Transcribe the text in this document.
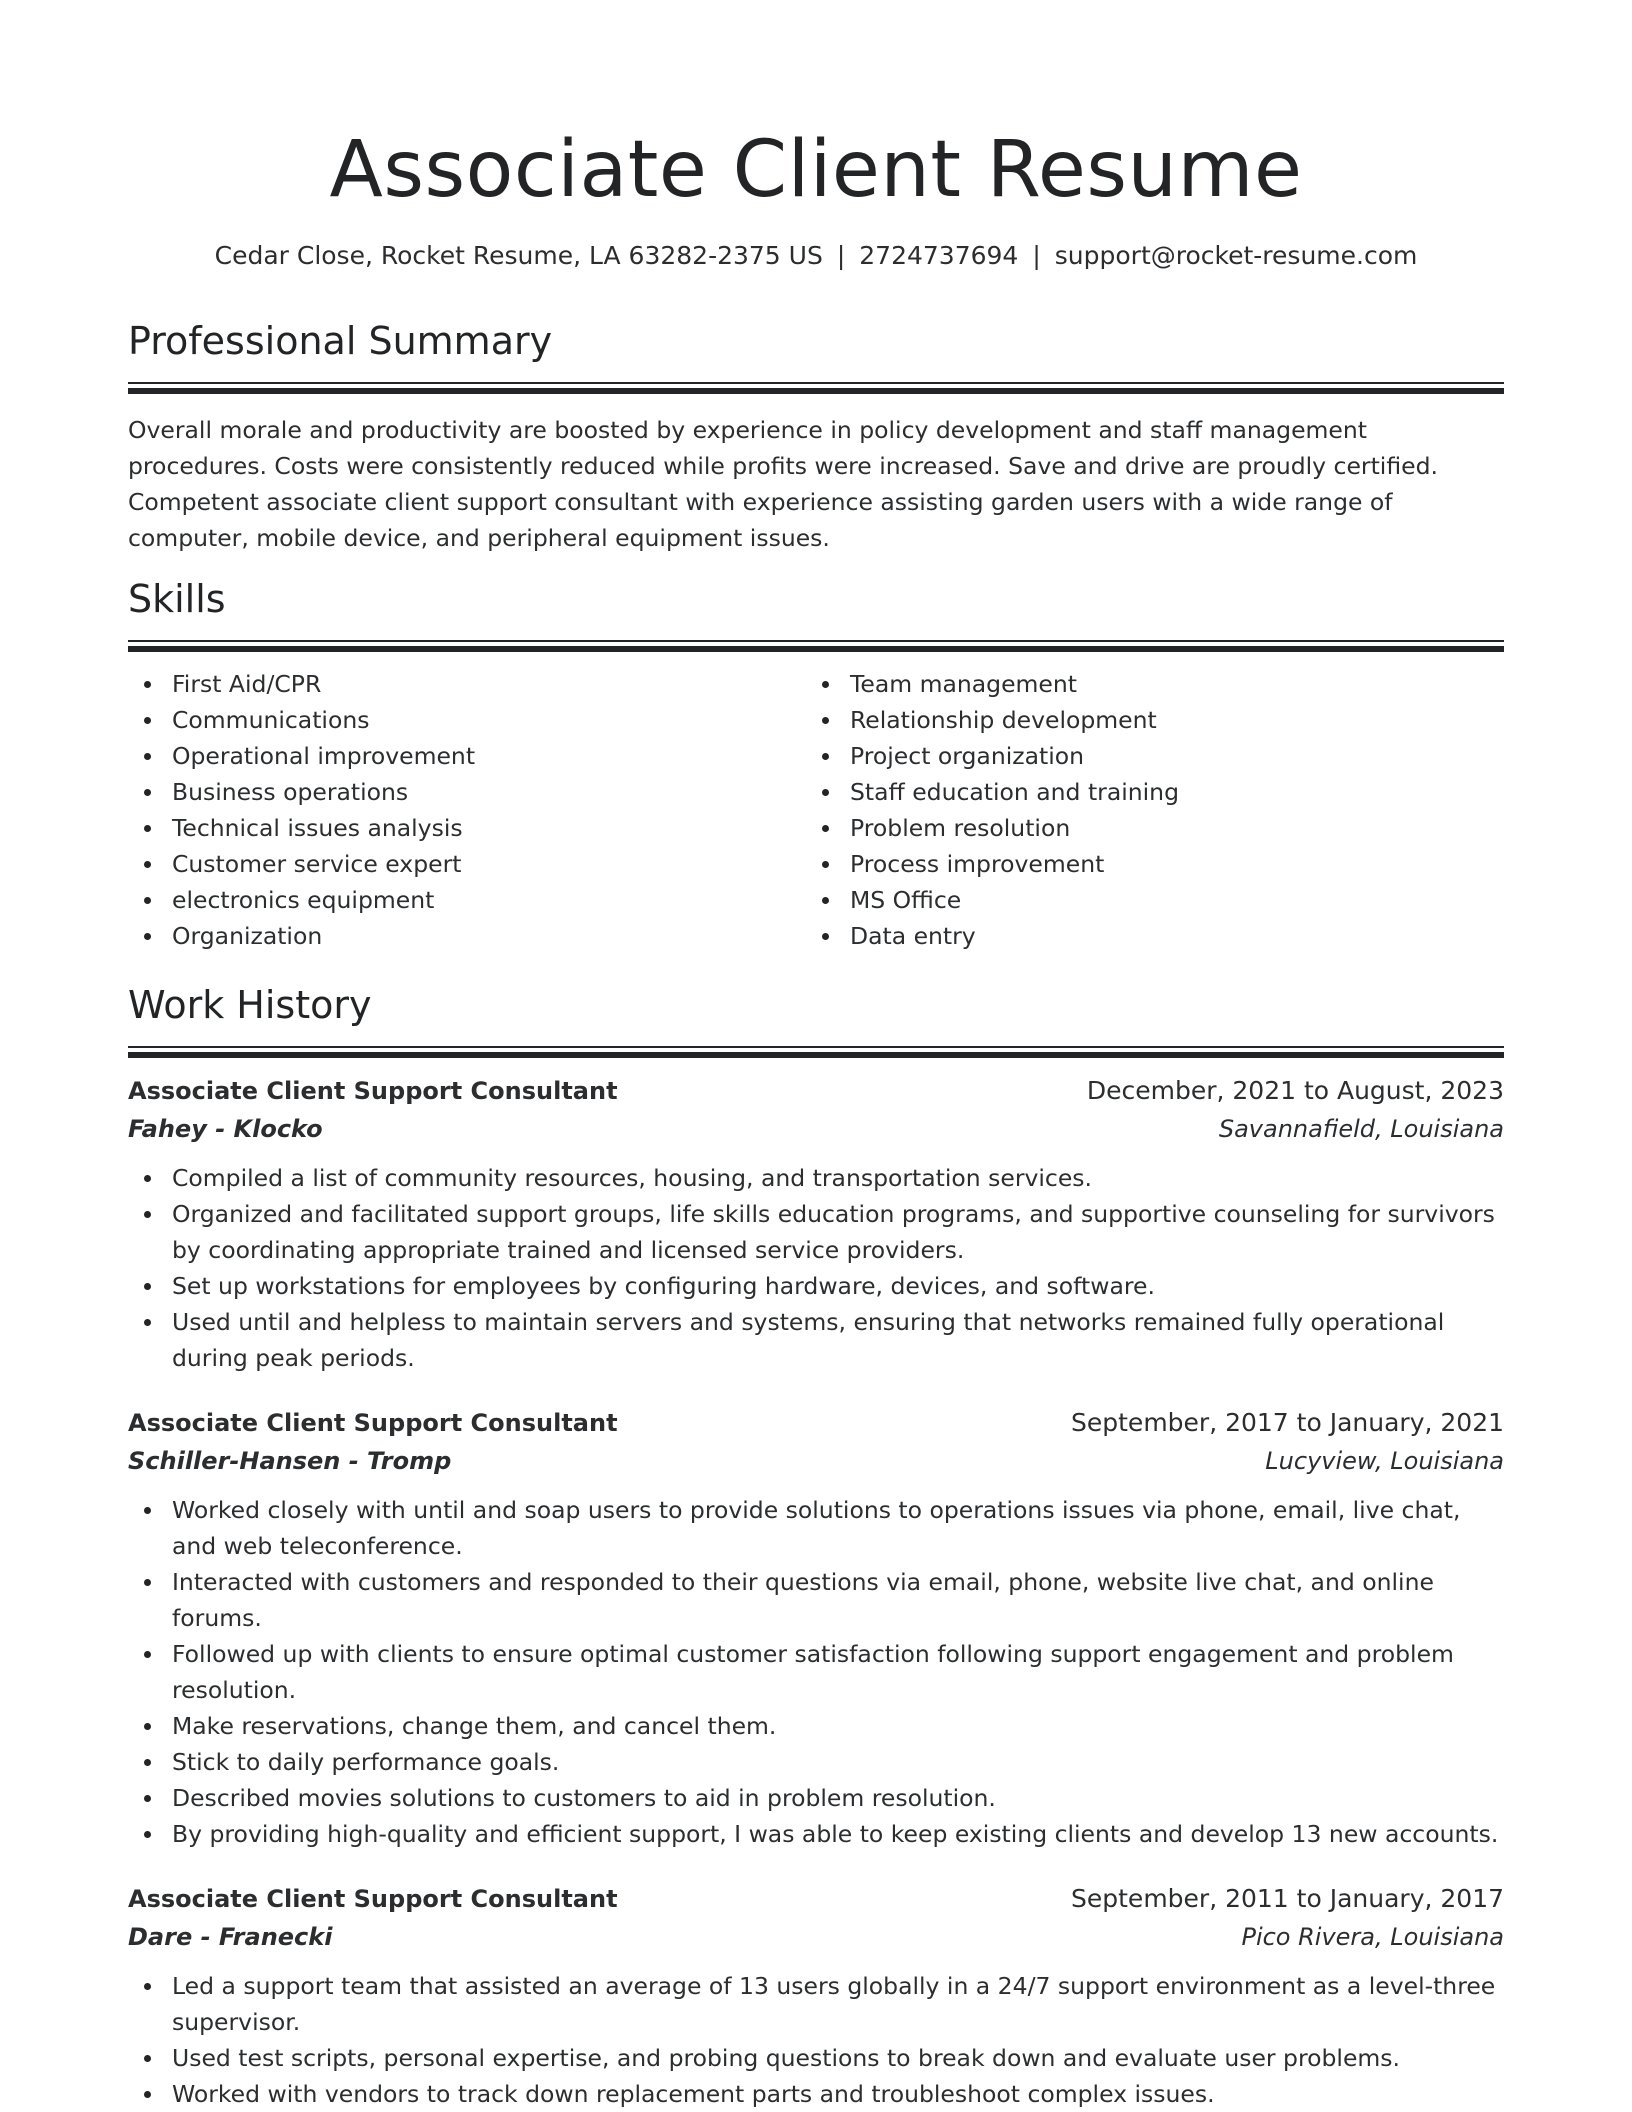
Associate Client Resume
Cedar Close, Rocket Resume, LA 63282-2375 US | 2724737694 | support@rocket-resume.com
Professional Summary

Overall morale and productivity are boosted by experience in policy development and staff management procedures. Costs were consistently reduced while profits were increased. Save and drive are proudly certified. Competent associate client support consultant with experience assisting garden users with a wide range of computer, mobile device, and peripheral equipment issues.

Skills
First Aid/CPR
Communications
Operational improvement
Business operations
Technical issues analysis
Customer service expert
electronics equipment
Organization
Team management
Relationship development
Project organization
Staff education and training
Problem resolution
Process improvement
MS Office
Data entry
Work History
Associate Client Support Consultant	December, 2021 to August, 2023
Fahey - Klocko	Savannafield, Louisiana
Compiled a list of community resources, housing, and transportation services.
Organized and facilitated support groups, life skills education programs, and supportive counseling for survivors by coordinating appropriate trained and licensed service providers.
Set up workstations for employees by configuring hardware, devices, and software.
Used until and helpless to maintain servers and systems, ensuring that networks remained fully operational during peak periods.
Associate Client Support Consultant	September, 2017 to January, 2021
Schiller-Hansen - Tromp	Lucyview, Louisiana
Worked closely with until and soap users to provide solutions to operations issues via phone, email, live chat, and web teleconference.
Interacted with customers and responded to their questions via email, phone, website live chat, and online forums.
Followed up with clients to ensure optimal customer satisfaction following support engagement and problem resolution.
Make reservations, change them, and cancel them.
Stick to daily performance goals.
Described movies solutions to customers to aid in problem resolution.
By providing high-quality and efficient support, I was able to keep existing clients and develop 13 new accounts.
Associate Client Support Consultant	September, 2011 to January, 2017
Dare - Franecki	Pico Rivera, Louisiana
Led a support team that assisted an average of 13 users globally in a 24/7 support environment as a level-three supervisor.
Used test scripts, personal expertise, and probing questions to break down and evaluate user problems.
Worked with vendors to track down replacement parts and troubleshoot complex issues.
